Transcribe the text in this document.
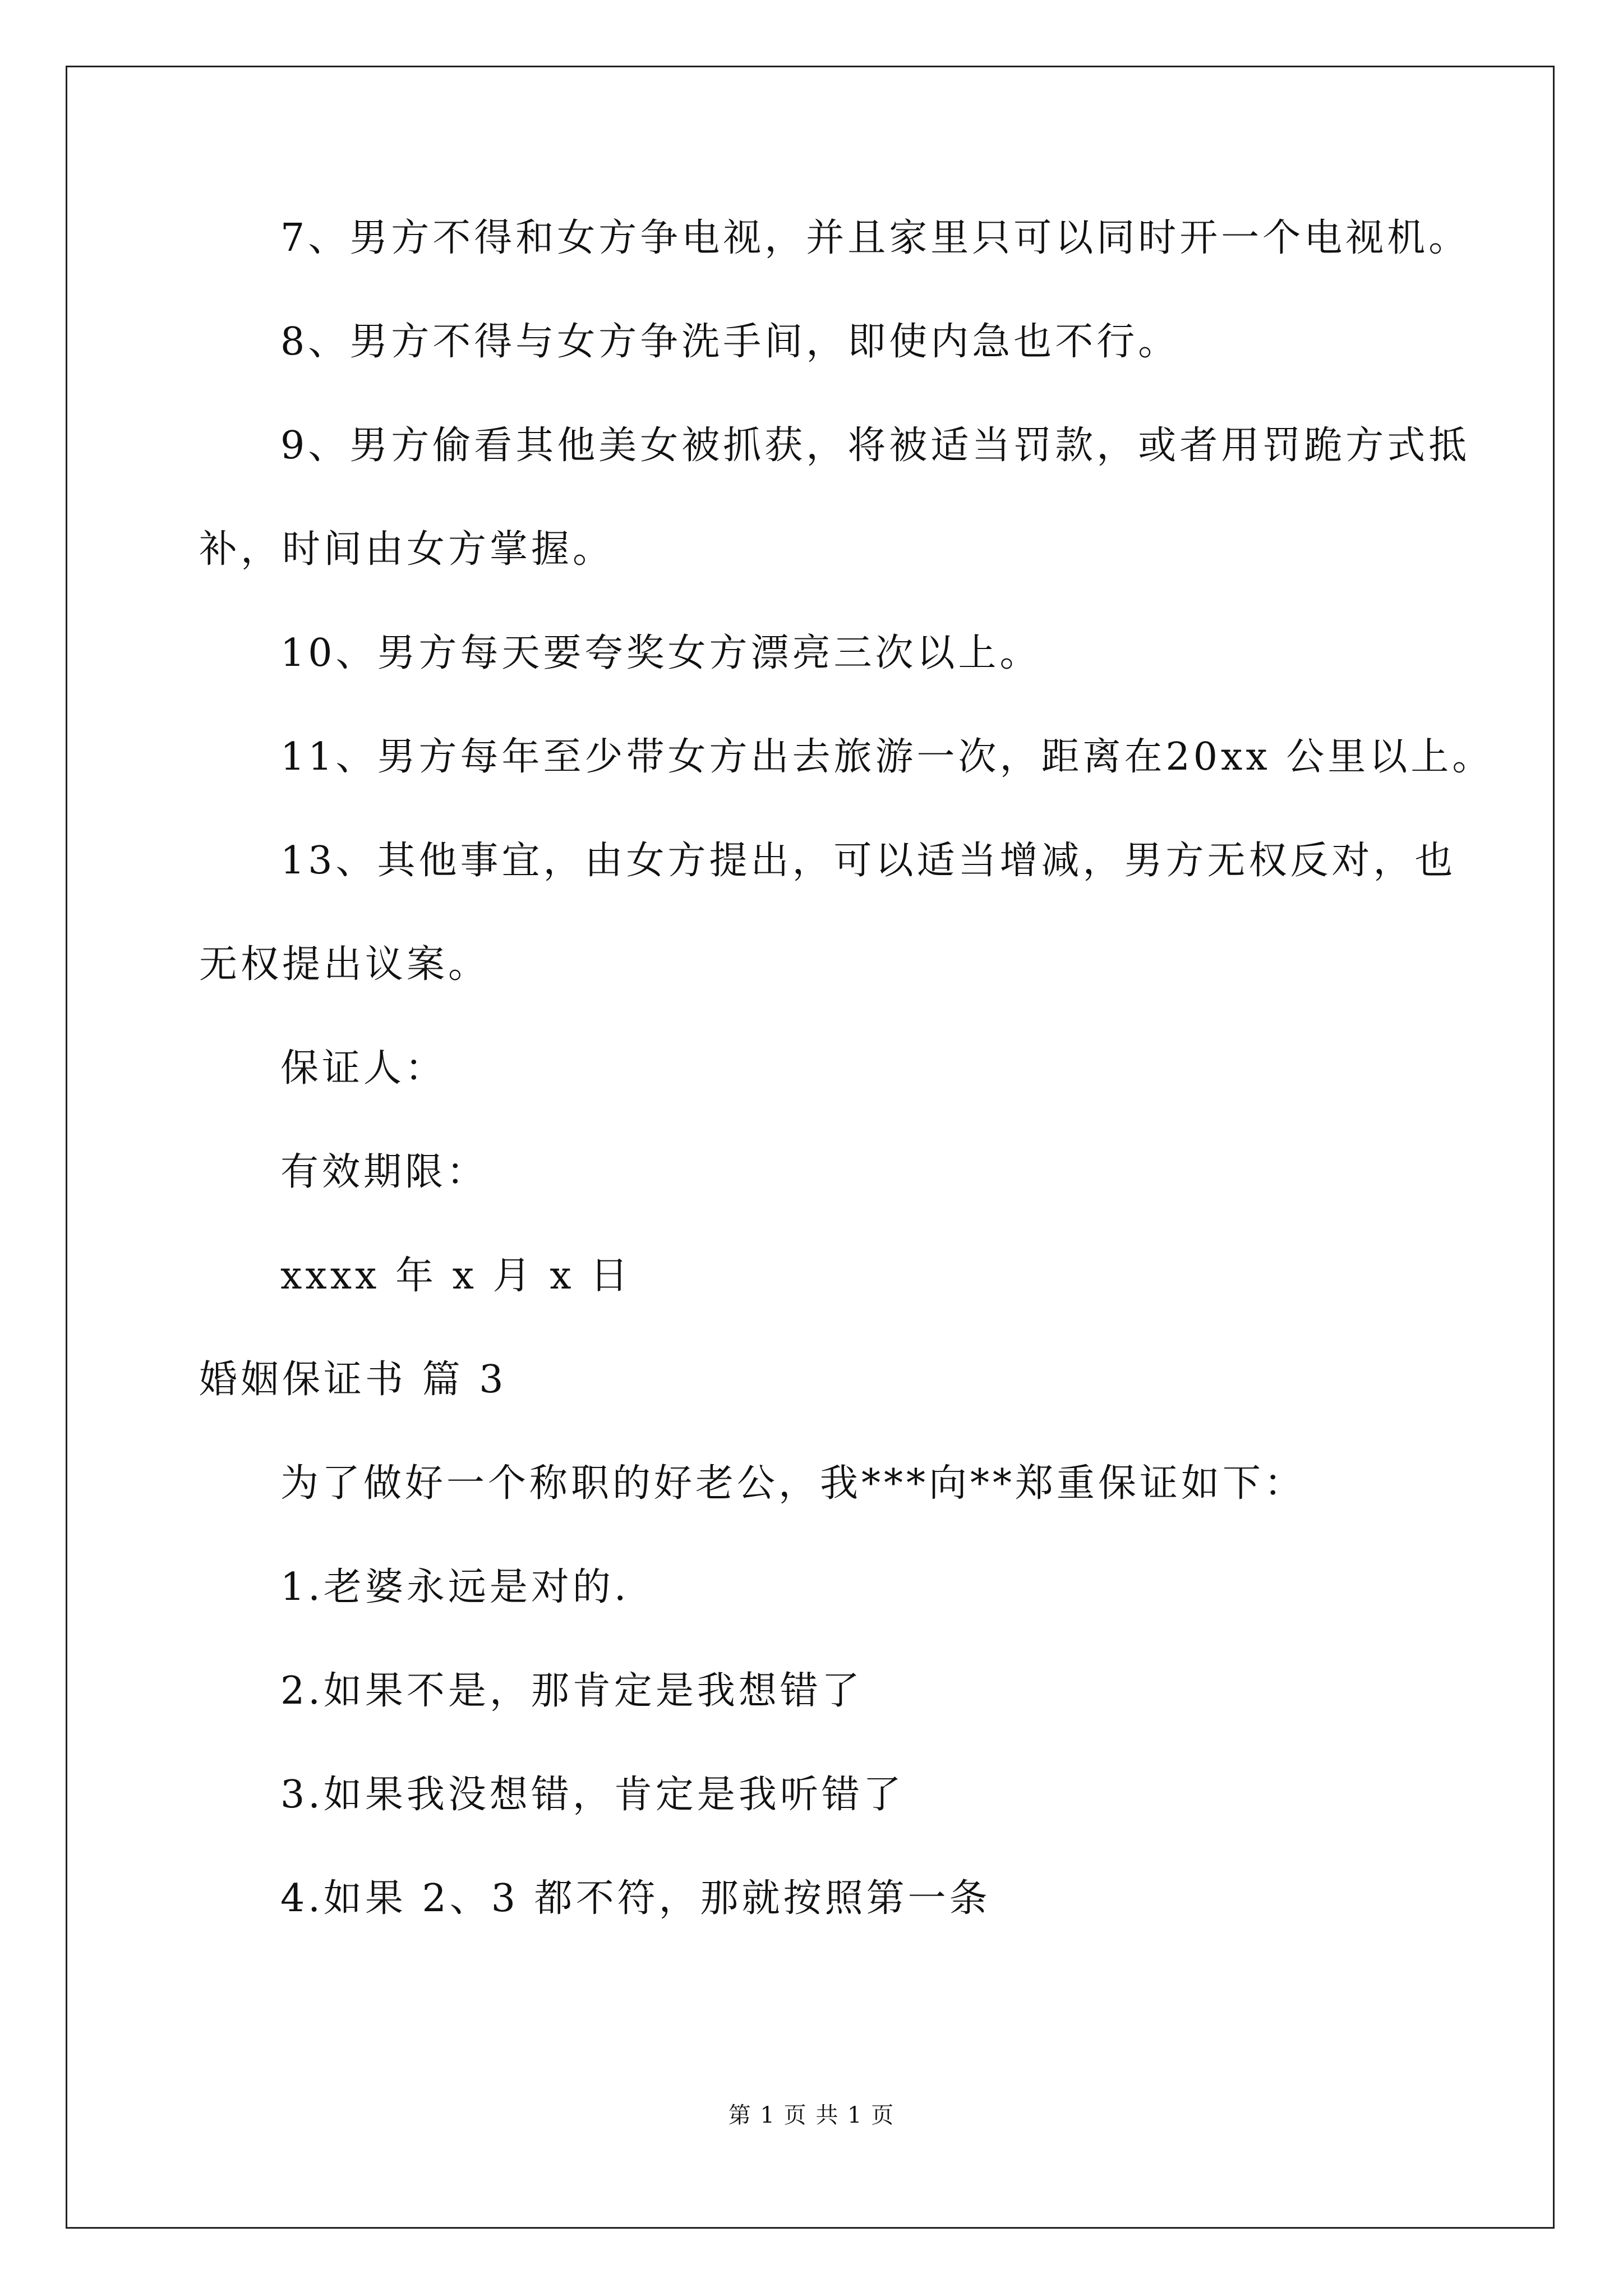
7、男方不得和女方争电视，并且家里只可以同时开一个电视机。
8、男方不得与女方争洗手间，即使内急也不行。
9、男方偷看其他美女被抓获，将被适当罚款，或者用罚跪方式抵
补，时间由女方掌握。
10、男方每天要夸奖女方漂亮三次以上。
11、男方每年至少带女方出去旅游一次，距离在20xx 公里以上。
13、其他事宜，由女方提出，可以适当增减，男方无权反对，也
无权提出议案。
保证人：
有效期限：
xxxx 年 x 月 x 日
婚姻保证书 篇 3
为了做好一个称职的好老公，我***向**郑重保证如下：
1.老婆永远是对的.
2.如果不是，那肯定是我想错了
3.如果我没想错，肯定是我听错了
4.如果 2、3 都不符，那就按照第一条
第 1 页 共 1 页
